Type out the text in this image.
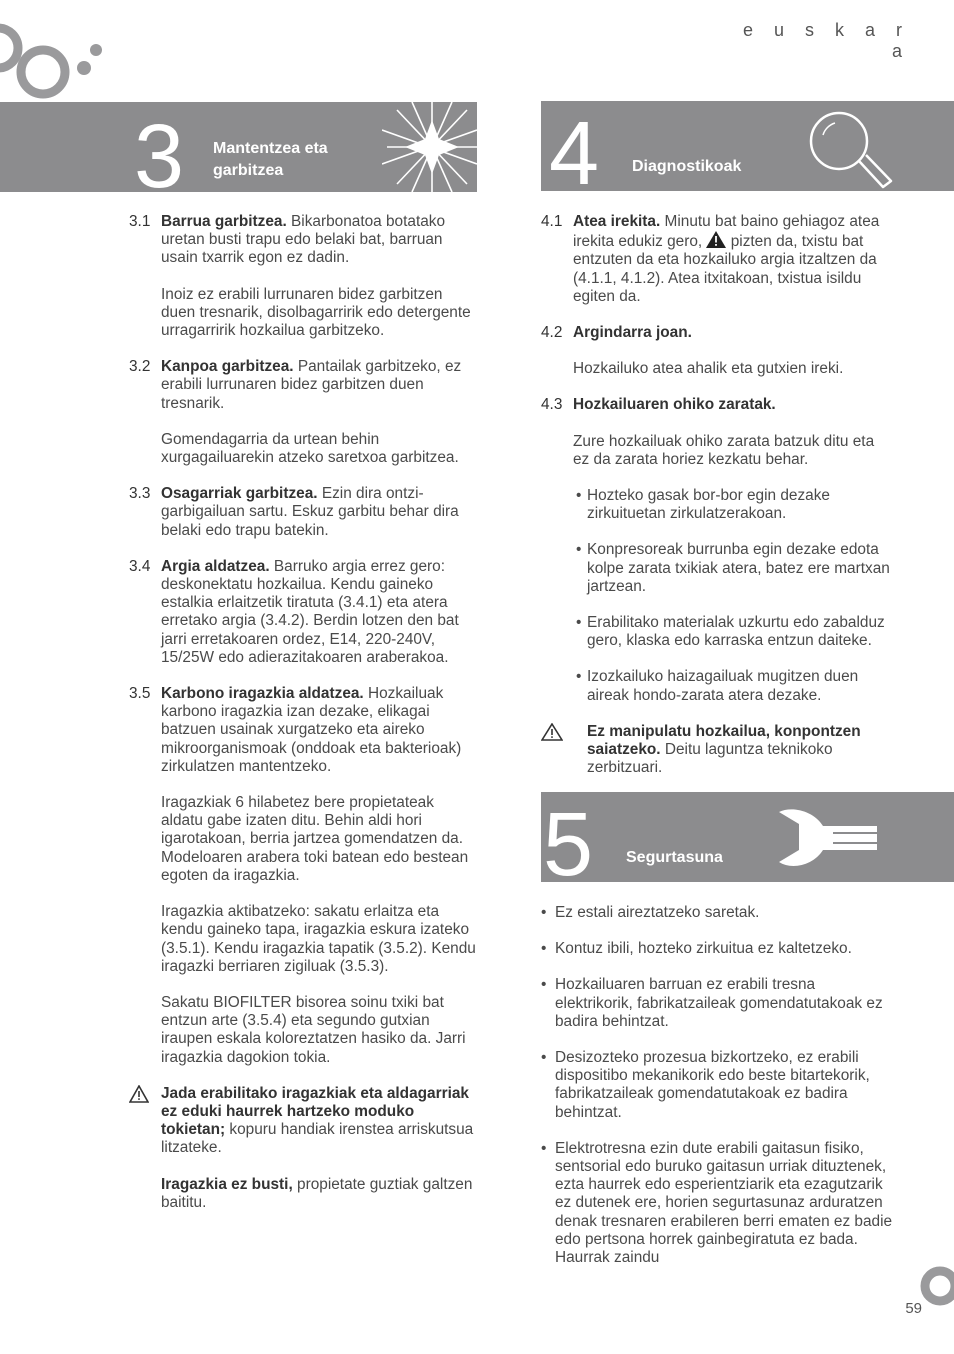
e u s k a r a
3 Mantentzea eta
garbitzea
3.1 Barrua garbitzea. Bikarbonatoa botatako uretan busti trapu edo belaki bat, barruan usain txarrik egon ez dadin.

Inoiz ez erabili lurrunaren bidez garbitzen duen tresnarik, disolbagarririk edo detergente urragarririk hozkailua garbitzeko.

3.2 Kanpoa garbitzea. Pantailak garbitzeko, ez erabili lurrunaren bidez garbitzen duen tresnarik.

Gomendagarria da urtean behin xurgagailuarekin atzeko saretxoa garbitzea.

3.3 Osagarriak garbitzea. Ezin dira ontzi-garbigailuan sartu. Eskuz garbitu behar dira belaki edo trapu batekin.

3.4 Argia aldatzea. Barruko argia errez gero: deskonektatu hozkailua. Kendu gaineko estalkia erlaitzetik tiratuta (3.4.1) eta atera erretako argia (3.4.2). Berdin lotzen den bat jarri erretakoaren ordez, E14, 220-240V, 15/25W edo adierazitakoaren araberakoa.

3.5 Karbono iragazkia aldatzea. Hozkailuak karbono iragazkia izan dezake, elikagai batzuen usainak xurgatzeko eta aireko mikroorganismoak (onddoak eta bakterioak) zirkulatzen mantentzeko.

Iragazkiak 6 hilabetez bere propietateak aldatu gabe izaten ditu. Behin aldi hori igarotakoan, berria jartzea gomendatzen da. Modeloaren arabera toki batean edo bestean egoten da iragazkia.

Iragazkia aktibatzeko: sakatu erlaitza eta kendu gaineko tapa, iragazkia eskura izateko (3.5.1). Kendu iragazkia tapatik (3.5.2). Kendu iragazki berriaren zigiluak (3.5.3).

Sakatu BIOFILTER bisorea soinu txiki bat entzun arte (3.5.4) eta segundo gutxian iraupen eskala koloreztatzen hasiko da. Jarri iragazkia dagokion tokia.

Jada erabilitako iragazkiak eta aldagarriak ez eduki haurrek hartzeko moduko tokietan; kopuru handiak irenstea arriskutsua litzateke.

Iragazkia ez busti, propietate guztiak galtzen baititu.

4 Diagnostikoak
4.1 Atea irekita. Minutu bat baino gehiagoz atea irekita edukiz gero,  pizten da, txistu bat entzuten da eta hozkailuko argia itzaltzen da (4.1.1, 4.1.2). Atea itxitakoan, txistua isildu egiten da.

4.2 Argindarra joan.

Hozkailuko atea ahalik eta gutxien ireki.

4.3 Hozkailuaren ohiko zaratak.

Zure hozkailuak ohiko zarata batzuk ditu eta ez da zarata horiez kezkatu behar.

• Hozteko gasak bor-bor egin dezake zirkuituetan zirkulatzerakoan.
• Konpresoreak burrunba egin dezake edota kolpe zarata txikiak atera, batez ere martxan jartzean.
• Erabilitako materialak uzkurtu edo zabalduz gero, klaska edo karraska entzun daiteke.
• Izozkailuko haizagailuak mugitzen duen aireak hondo-zarata atera dezake.

Ez manipulatu hozkailua, konpontzen saiatzeko. Deitu laguntza teknikoko zerbitzuari.

5 Segurtasuna
• Ez estali aireztatzeko saretak.
• Kontuz ibili, hozteko zirkuitua ez kaltetzeko.
• Hozkailuaren barruan ez erabili tresna elektrikorik, fabrikatzaileak gomendatutakoak ez badira behintzat.
• Desizozteko prozesua bizkortzeko, ez erabili dispositibo mekanikorik edo beste bitartekorik, fabrikatzaileak gomendatutakoak ez badira behintzat.
• Elektrotresna ezin dute erabili gaitasun fisiko, sentsorial edo buruko gaitasun urriak dituztenek, ezta haurrek edo esperientziarik eta ezagutzarik ez dutenek ere, horien segurtasunaz arduratzen denak tresnaren erabileren berri ematen ez badie edo pertsona horrek gainbegiratuta ez bada. Haurrak zaindu
59
